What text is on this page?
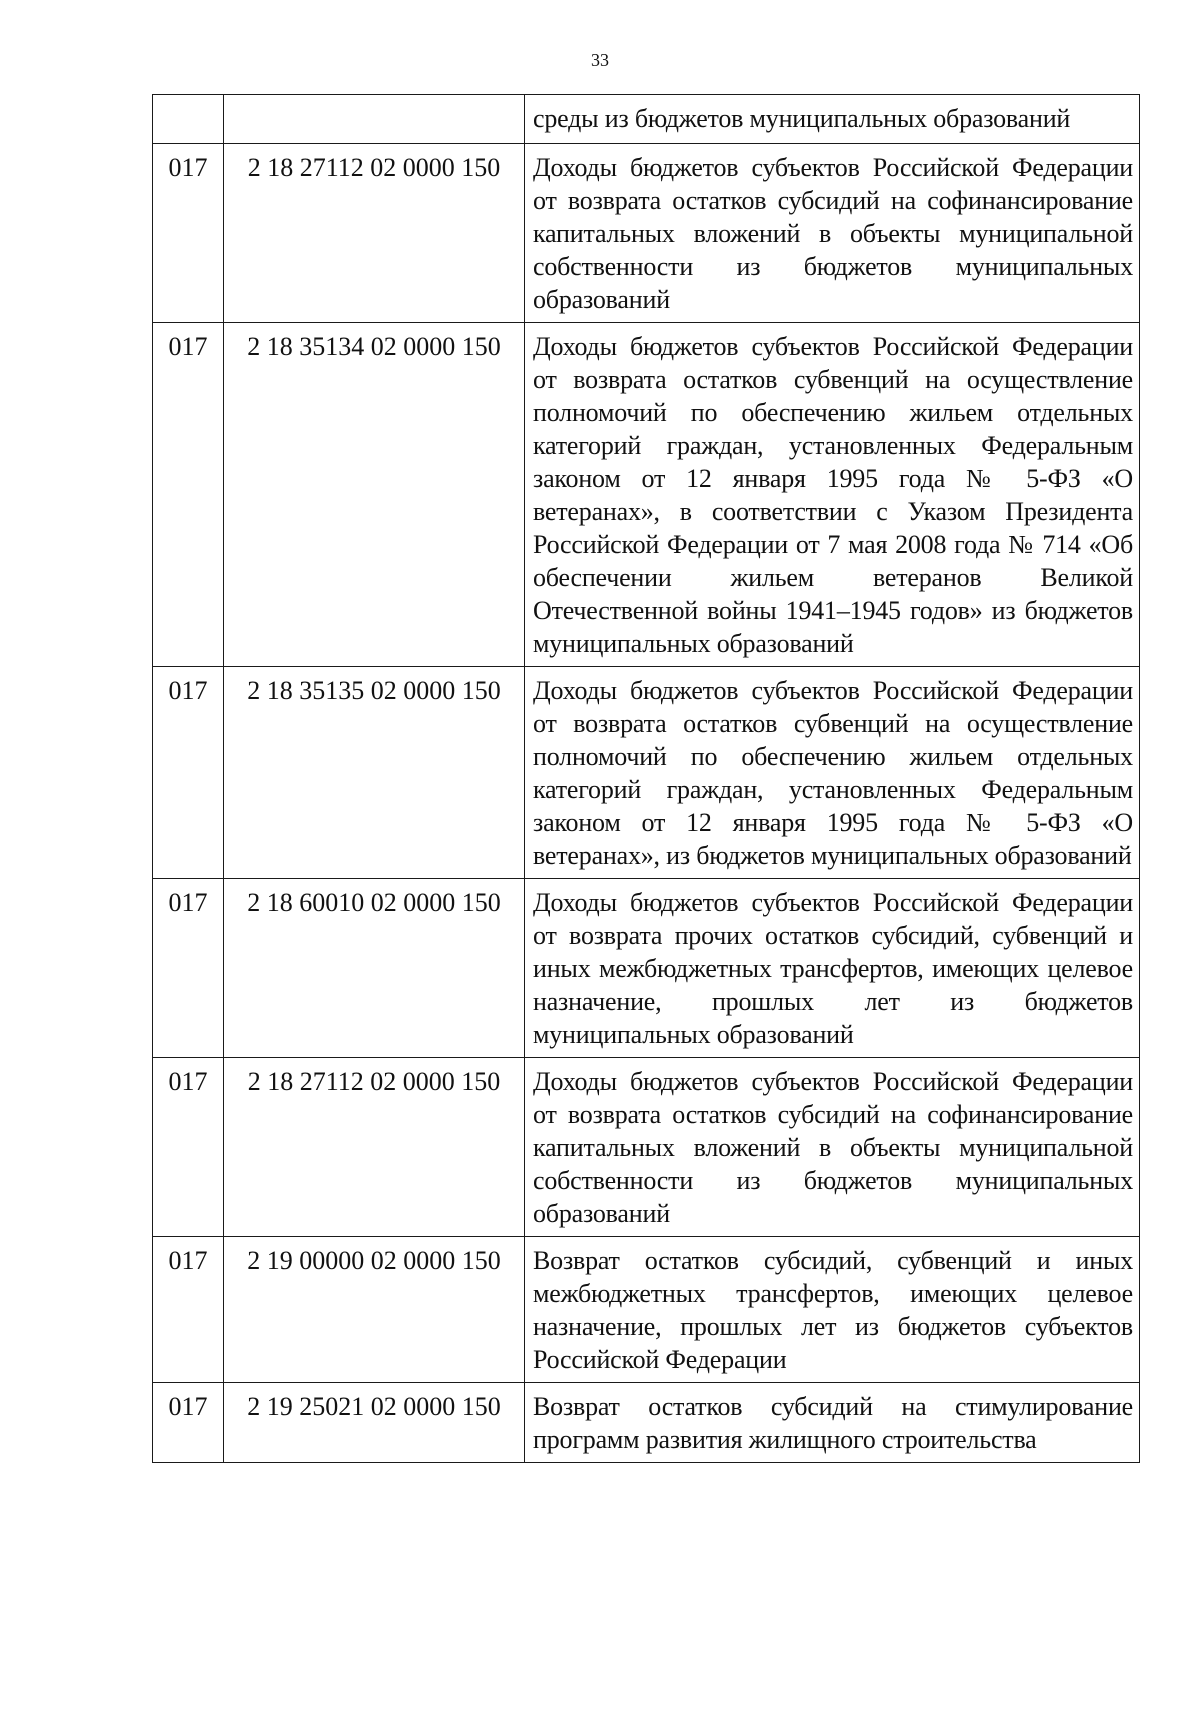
33
		среды из бюджетов муниципальных образований
017	2 18 27112 02 0000 150	Доходы бюджетов субъектов Российской Федерации от возврата остатков субсидий на софинансирование капитальных вложений в объекты муниципальной собственности из бюджетов муниципальных образований
017	2 18 35134 02 0000 150	Доходы бюджетов субъектов Российской Федерации от возврата остатков субвенций на осуществление полномочий по обеспечению жильем отдельных категорий граждан, установленных Федеральным законом от 12 января 1995 года № 5-ФЗ «О ветеранах», в соответствии с Указом Президента Российской Федерации от 7 мая 2008 года № 714 «Об обеспечении жильем ветеранов Великой Отечественной войны 1941–1945 годов» из бюджетов муниципальных образований
017	2 18 35135 02 0000 150	Доходы бюджетов субъектов Российской Федерации от возврата остатков субвенций на осуществление полномочий по обеспечению жильем отдельных категорий граждан, установленных Федеральным законом от 12 января 1995 года № 5-ФЗ «О ветеранах», из бюджетов муниципальных образований
017	2 18 60010 02 0000 150	Доходы бюджетов субъектов Российской Федерации от возврата прочих остатков субсидий, субвенций и иных межбюджетных трансфертов, имеющих целевое назначение, прошлых лет из бюджетов муниципальных образований
017	2 18 27112 02 0000 150	Доходы бюджетов субъектов Российской Федерации от возврата остатков субсидий на софинансирование капитальных вложений в объекты муниципальной собственности из бюджетов муниципальных образований
017	2 19 00000 02 0000 150	Возврат остатков субсидий, субвенций и иных межбюджетных трансфертов, имеющих целевое назначение, прошлых лет из бюджетов субъектов Российской Федерации
017	2 19 25021 02 0000 150	Возврат остатков субсидий на стимулирование программ развития жилищного строительства
